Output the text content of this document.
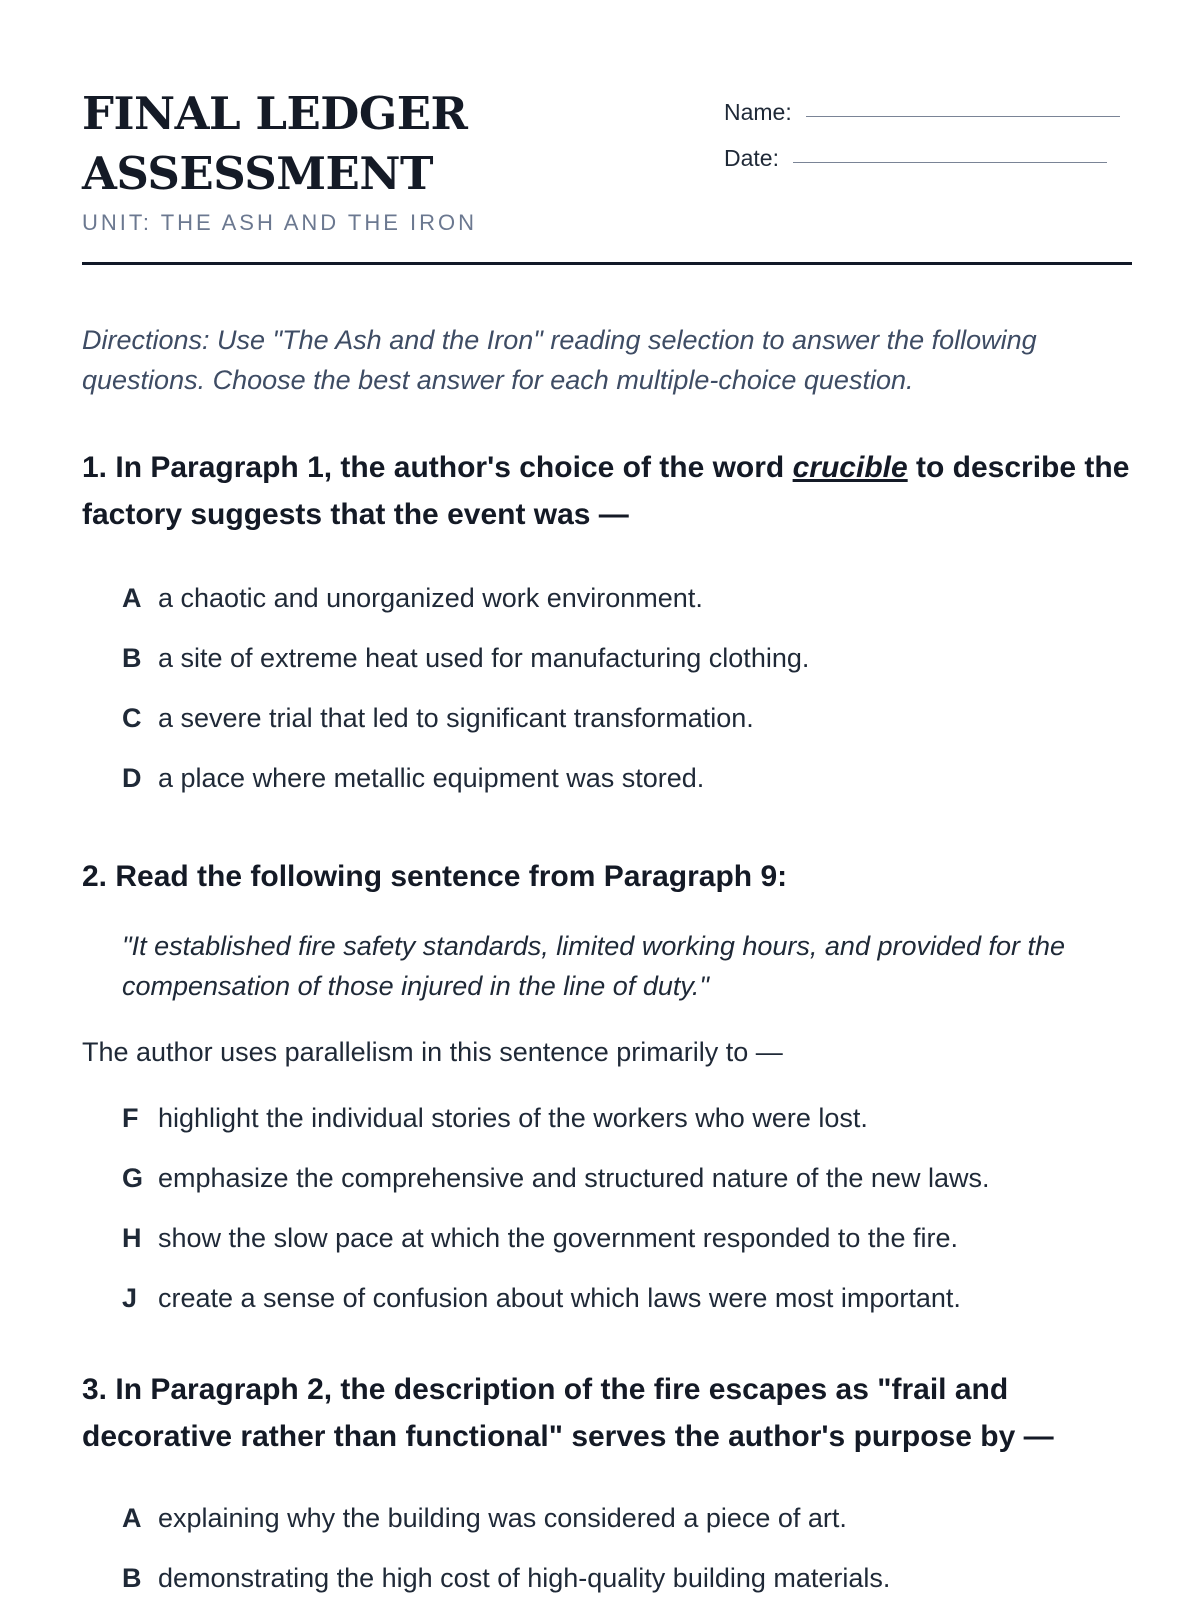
FINAL LEDGER
ASSESSMENT
UNIT: THE ASH AND THE IRON
Name:
Date:
Directions: Use "The Ash and the Iron" reading selection to answer the following questions. Choose the best answer for each multiple-choice question.
1. In Paragraph 1, the author's choice of the word crucible to describe the factory suggests that the event was —
A a chaotic and unorganized work environment.
B a site of extreme heat used for manufacturing clothing.
C a severe trial that led to significant transformation.
D a place where metallic equipment was stored.
2. Read the following sentence from Paragraph 9:
"It established fire safety standards, limited working hours, and provided for the compensation of those injured in the line of duty."
The author uses parallelism in this sentence primarily to —
F highlight the individual stories of the workers who were lost.
G emphasize the comprehensive and structured nature of the new laws.
H show the slow pace at which the government responded to the fire.
J create a sense of confusion about which laws were most important.
3. In Paragraph 2, the description of the fire escapes as "frail and decorative rather than functional" serves the author's purpose by —
A explaining why the building was considered a piece of art.
B demonstrating the high cost of high-quality building materials.
